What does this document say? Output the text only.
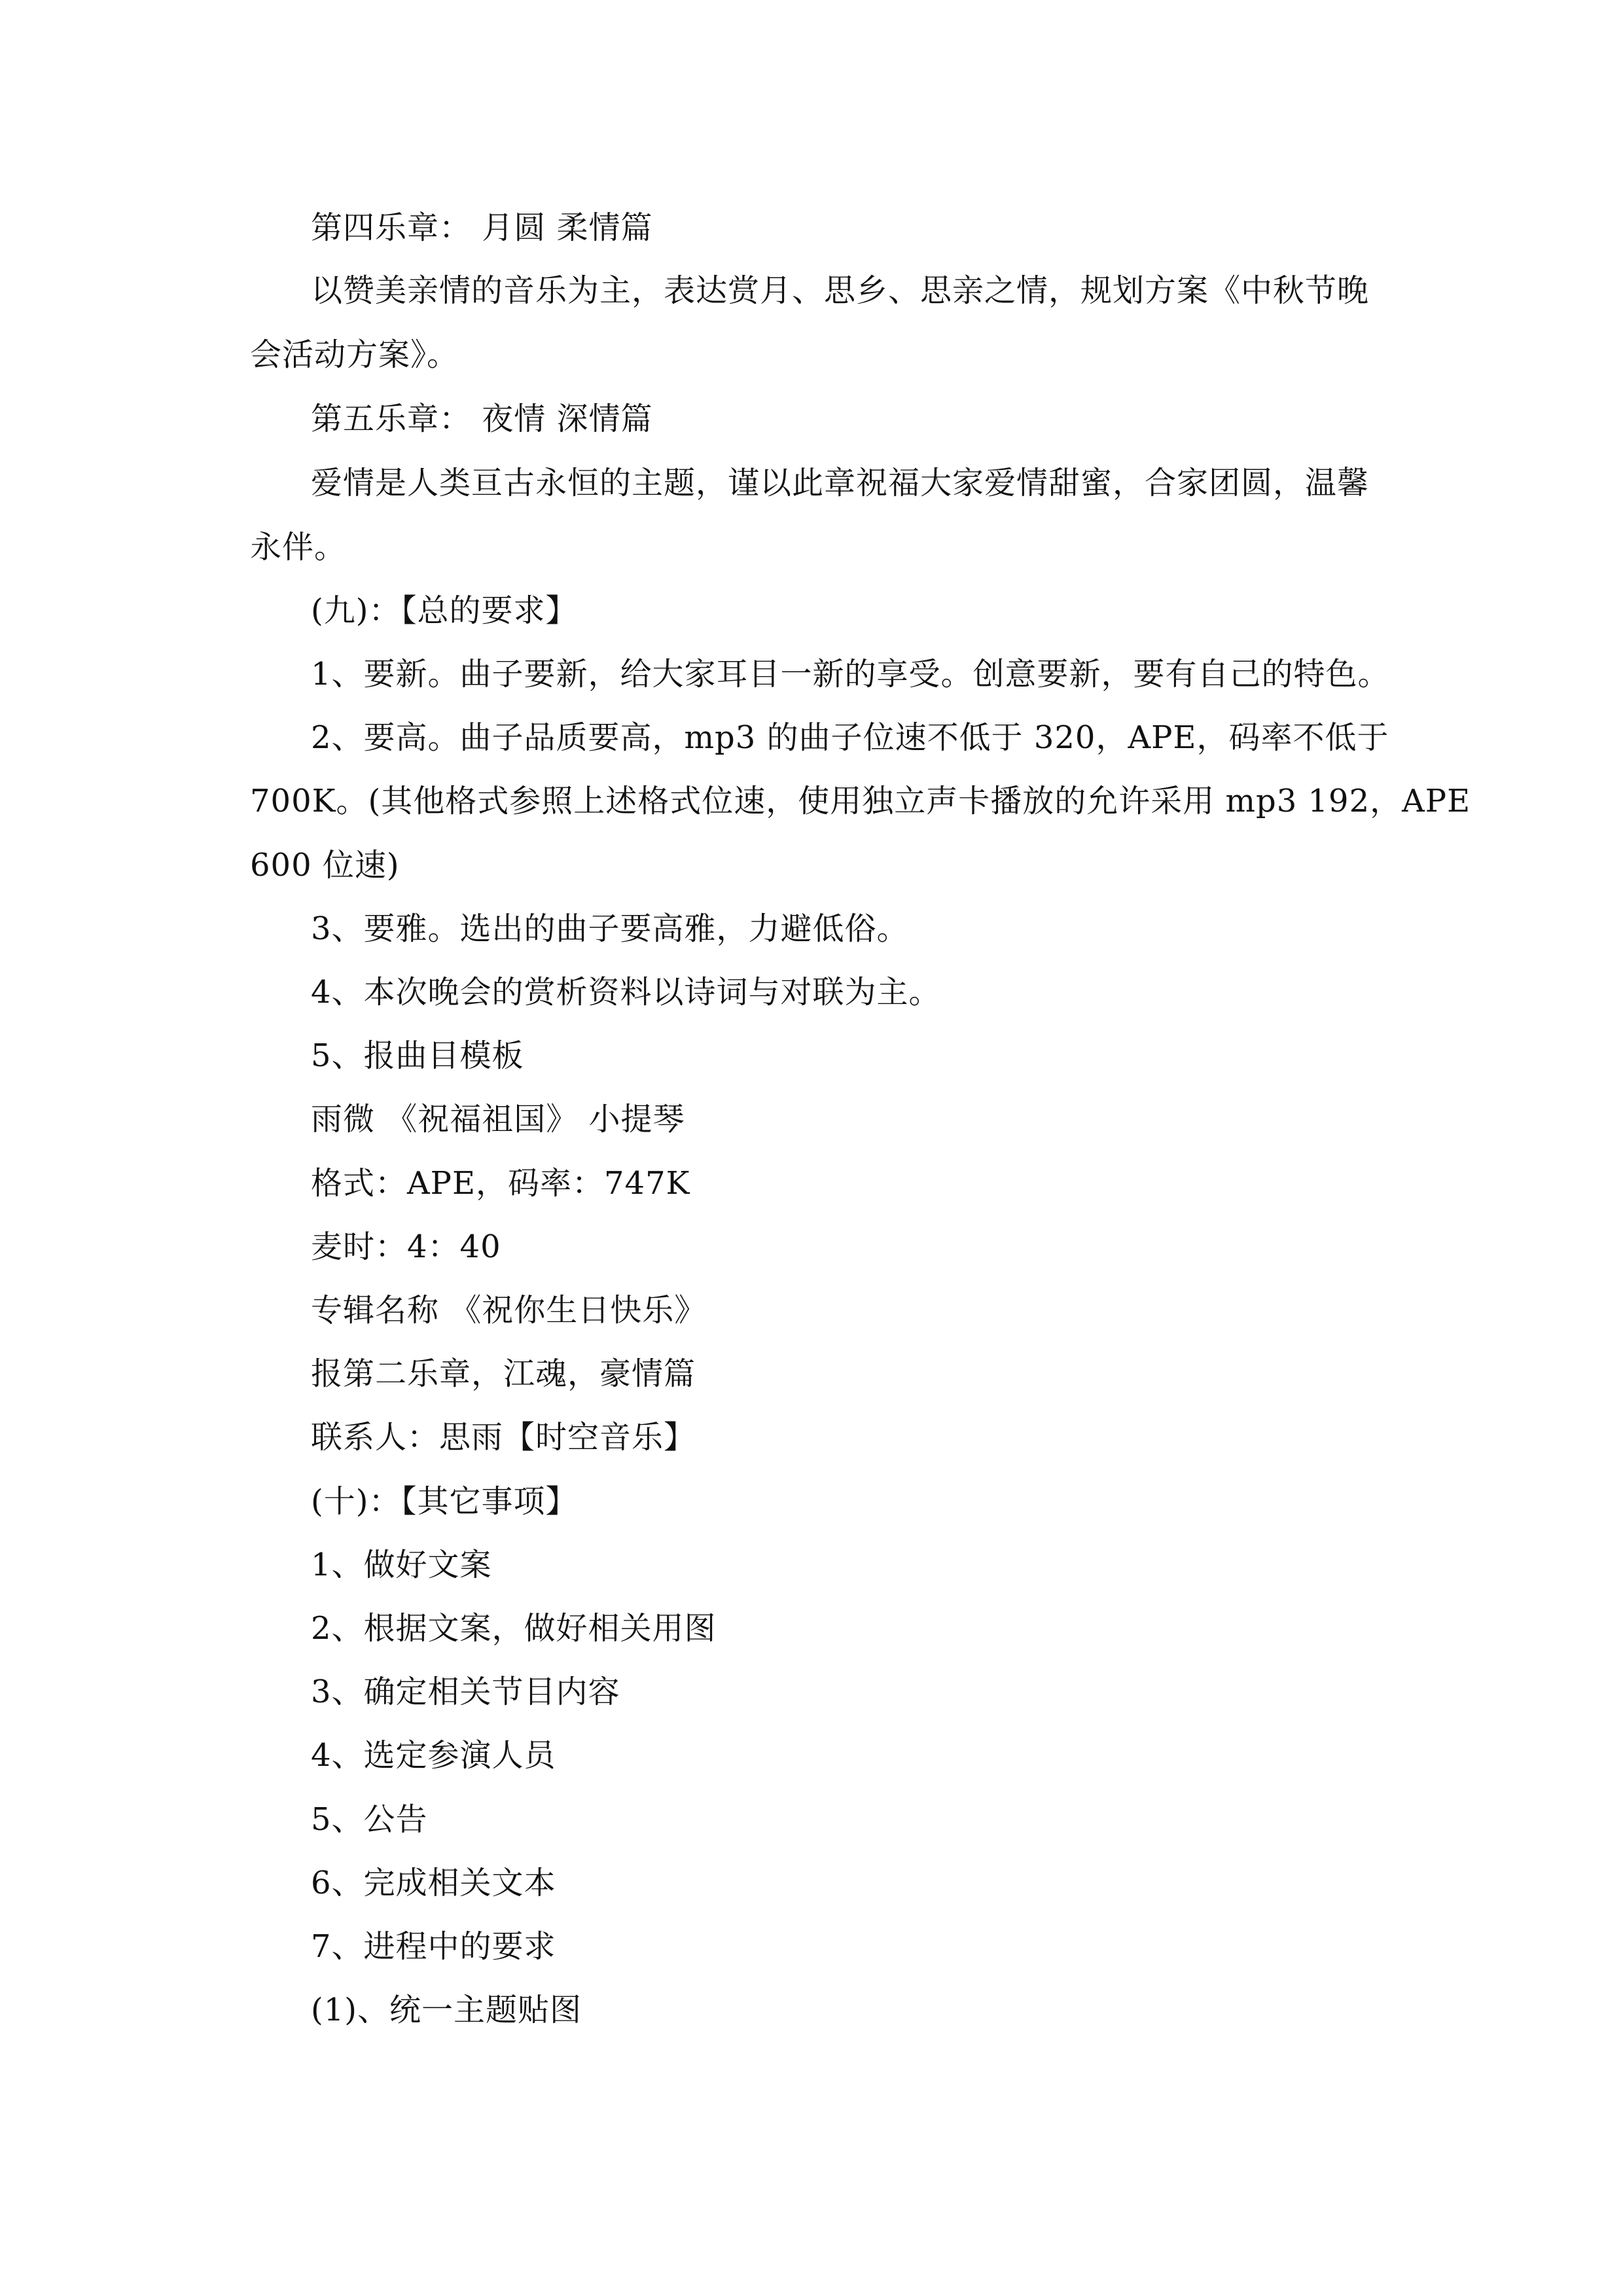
第四乐章： 月圆 柔情篇
以赞美亲情的音乐为主，表达赏月、思乡、思亲之情，规划方案《中秋节晚
会活动方案》。
第五乐章： 夜情 深情篇
爱情是人类亘古永恒的主题，谨以此章祝福大家爱情甜蜜，合家团圆，温馨
永伴。
(九)：【总的要求】
1、要新。曲子要新，给大家耳目一新的享受。创意要新，要有自己的特色。
2、要高。曲子品质要高，mp3 的曲子位速不低于 320，APE，码率不低于
700K。(其他格式参照上述格式位速，使用独立声卡播放的允许采用 mp3 192，APE
600 位速)
3、要雅。选出的曲子要高雅，力避低俗。
4、本次晚会的赏析资料以诗词与对联为主。
5、报曲目模板
雨微 《祝福祖国》 小提琴
格式：APE，码率：747K
麦时：4：40
专辑名称 《祝你生日快乐》
报第二乐章，江魂，豪情篇
联系人：思雨【时空音乐】
(十)：【其它事项】
1、做好文案
2、根据文案，做好相关用图
3、确定相关节目内容
4、选定参演人员
5、公告
6、完成相关文本
7、进程中的要求
(1)、统一主题贴图
